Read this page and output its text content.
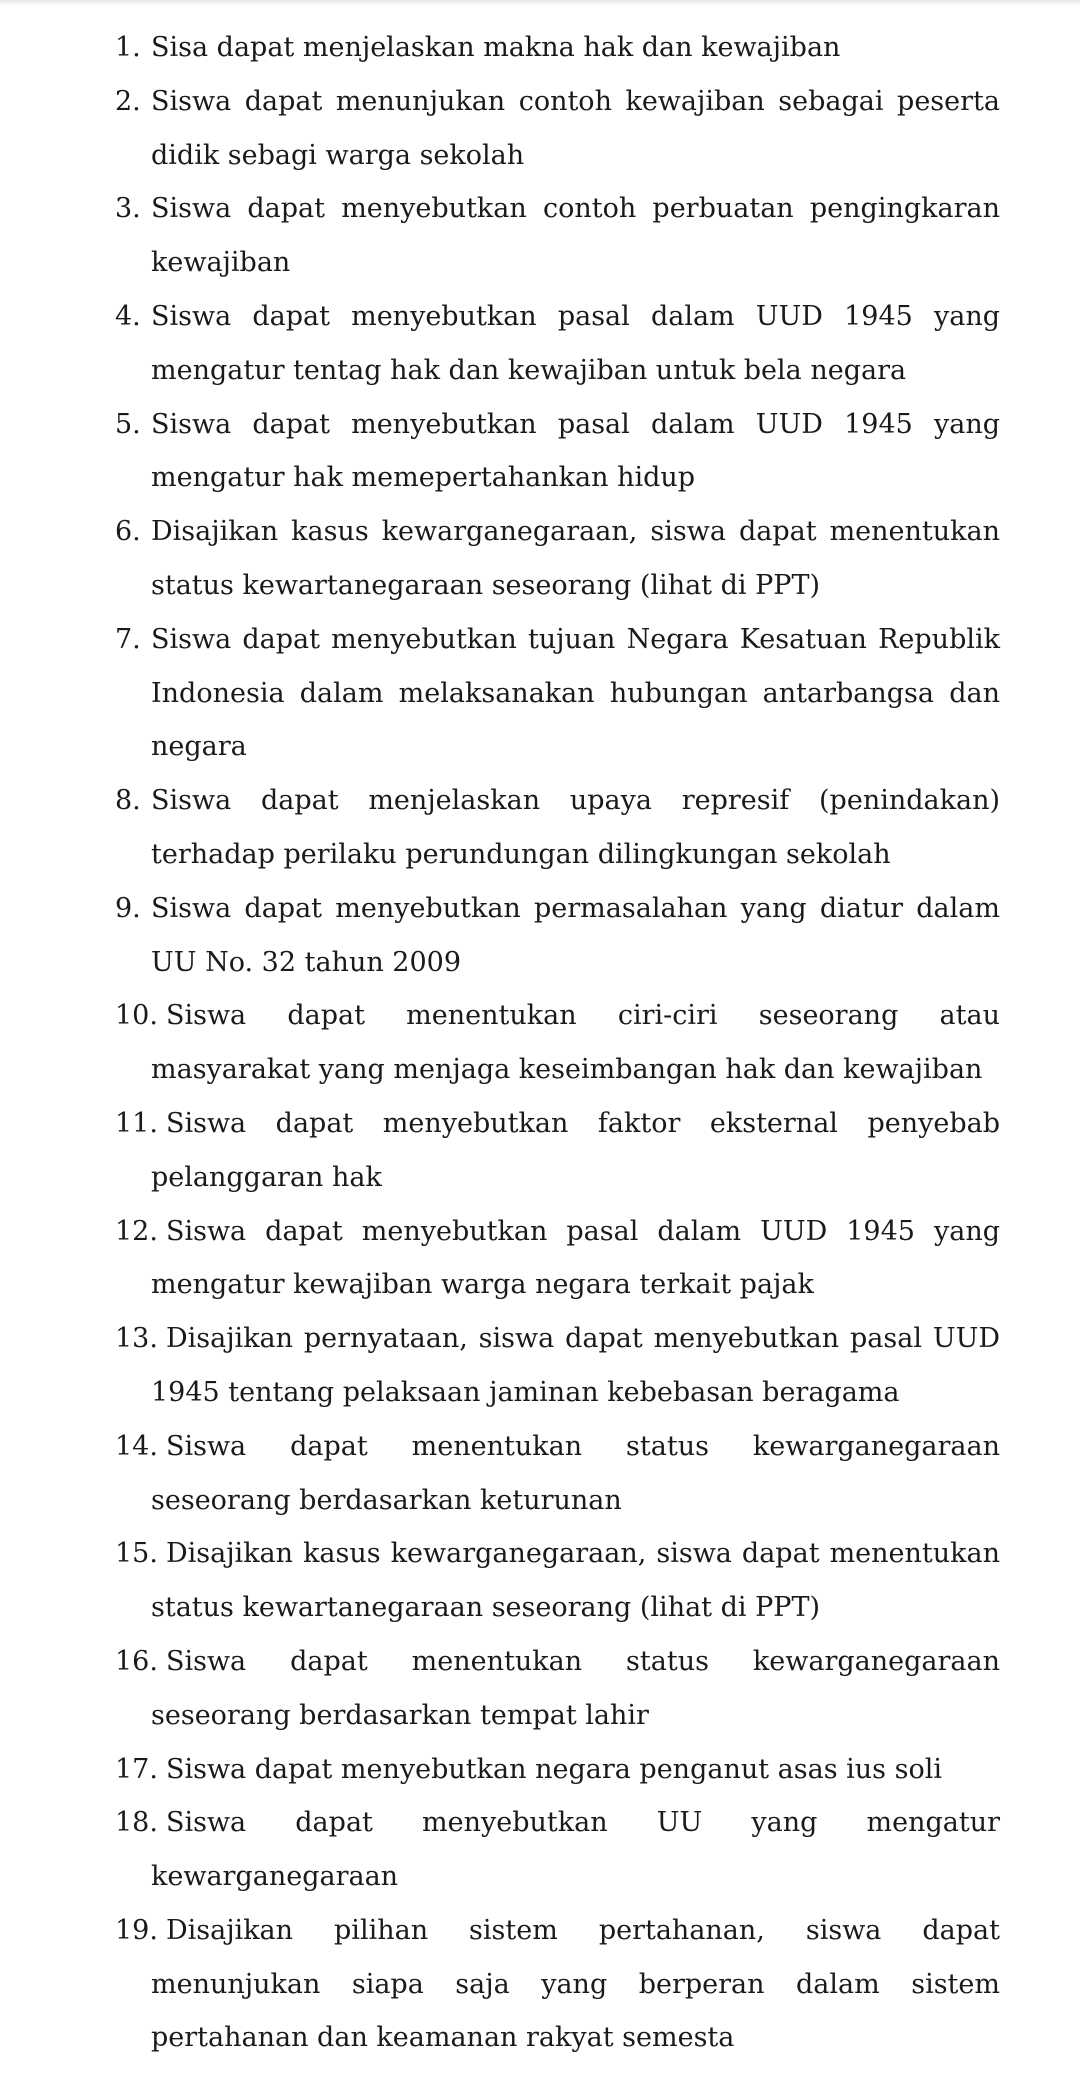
1. Sisa dapat menjelaskan makna hak dan kewajiban
2. Siswa dapat menunjukan contoh kewajiban sebagai peserta didik sebagi warga sekolah
3. Siswa dapat menyebutkan contoh perbuatan pengingkaran kewajiban
4. Siswa dapat menyebutkan pasal dalam UUD 1945 yang mengatur tentag hak dan kewajiban untuk bela negara
5. Siswa dapat menyebutkan pasal dalam UUD 1945 yang mengatur hak memepertahankan hidup
6. Disajikan kasus kewarganegaraan, siswa dapat menentukan status kewartanegaraan seseorang (lihat di PPT)
7. Siswa dapat menyebutkan tujuan Negara Kesatuan Republik Indonesia dalam melaksanakan hubungan antarbangsa dan negara
8. Siswa dapat menjelaskan upaya represif (penindakan) terhadap perilaku perundungan dilingkungan sekolah
9. Siswa dapat menyebutkan permasalahan yang diatur dalam UU No. 32 tahun 2009
10. Siswa dapat menentukan ciri-ciri seseorang atau masyarakat yang menjaga keseimbangan hak dan kewajiban
11. Siswa dapat menyebutkan faktor eksternal penyebab pelanggaran hak
12. Siswa dapat menyebutkan pasal dalam UUD 1945 yang mengatur kewajiban warga negara terkait pajak
13. Disajikan pernyataan, siswa dapat menyebutkan pasal UUD 1945 tentang pelaksaan jaminan kebebasan beragama
14. Siswa dapat menentukan status kewarganegaraan seseorang berdasarkan keturunan
15. Disajikan kasus kewarganegaraan, siswa dapat menentukan status kewartanegaraan seseorang (lihat di PPT)
16. Siswa dapat menentukan status kewarganegaraan seseorang berdasarkan tempat lahir
17. Siswa dapat menyebutkan negara penganut asas ius soli
18. Siswa dapat menyebutkan UU yang mengatur kewarganegaraan
19. Disajikan pilihan sistem pertahanan, siswa dapat menunjukan siapa saja yang berperan dalam sistem pertahanan dan keamanan rakyat semesta
